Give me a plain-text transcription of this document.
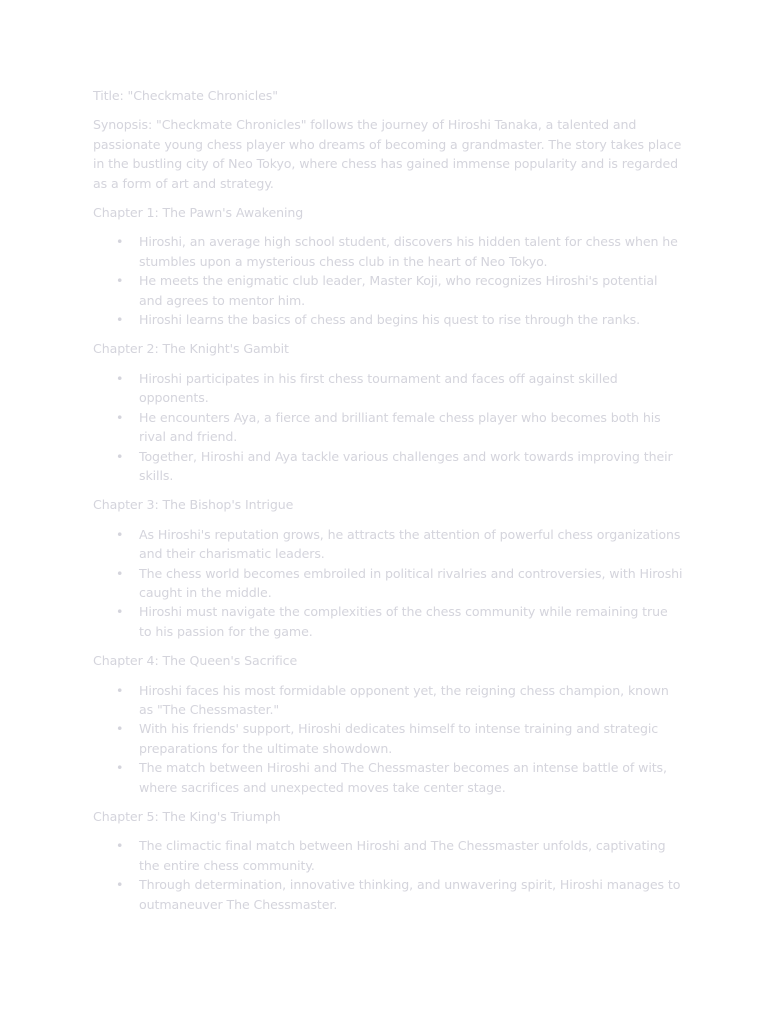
Title: "Checkmate Chronicles"

Synopsis: "Checkmate Chronicles" follows the journey of Hiroshi Tanaka, a talented and passionate young chess player who dreams of becoming a grandmaster. The story takes place in the bustling city of Neo Tokyo, where chess has gained immense popularity and is regarded as a form of art and strategy.

Chapter 1: The Pawn's Awakening

• Hiroshi, an average high school student, discovers his hidden talent for chess when he stumbles upon a mysterious chess club in the heart of Neo Tokyo.
• He meets the enigmatic club leader, Master Koji, who recognizes Hiroshi's potential and agrees to mentor him.
• Hiroshi learns the basics of chess and begins his quest to rise through the ranks.

Chapter 2: The Knight's Gambit

• Hiroshi participates in his first chess tournament and faces off against skilled opponents.
• He encounters Aya, a fierce and brilliant female chess player who becomes both his rival and friend.
• Together, Hiroshi and Aya tackle various challenges and work towards improving their skills.

Chapter 3: The Bishop's Intrigue

• As Hiroshi's reputation grows, he attracts the attention of powerful chess organizations and their charismatic leaders.
• The chess world becomes embroiled in political rivalries and controversies, with Hiroshi caught in the middle.
• Hiroshi must navigate the complexities of the chess community while remaining true to his passion for the game.

Chapter 4: The Queen's Sacrifice

• Hiroshi faces his most formidable opponent yet, the reigning chess champion, known as "The Chessmaster."
• With his friends' support, Hiroshi dedicates himself to intense training and strategic preparations for the ultimate showdown.
• The match between Hiroshi and The Chessmaster becomes an intense battle of wits, where sacrifices and unexpected moves take center stage.

Chapter 5: The King's Triumph

• The climactic final match between Hiroshi and The Chessmaster unfolds, captivating the entire chess community.
• Through determination, innovative thinking, and unwavering spirit, Hiroshi manages to outmaneuver The Chessmaster.
